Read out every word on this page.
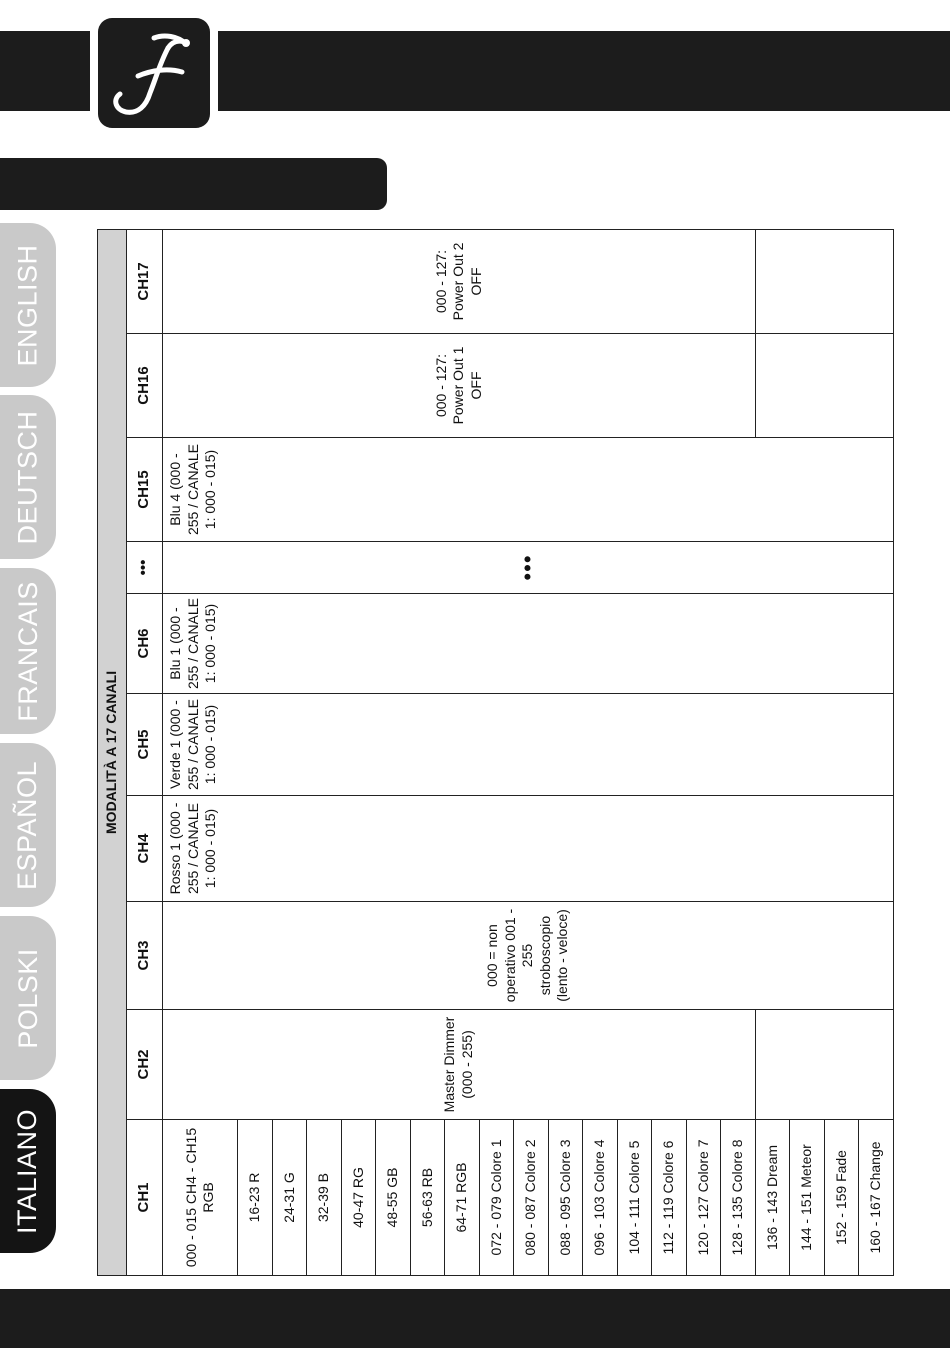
ITALIANO
POLSKI
ESPAÑOL
FRANCAIS
DEUTSCH
ENGLISH
MODALITÀ A 17 CANALI									
CH1	CH2	CH3	CH4	CH5	CH6	•••	CH15	CH16	CH17
000 - 015 CH4 - CH15 RGB	Master Dimmer (000 - 255)	000 = non operativo 001 - 255 stroboscopio (lento - veloce)	Rosso 1 (000 - 255 / CANALE 1: 000 - 015)	Verde 1 (000 - 255 / CANALE 1: 000 - 015)	Blu 1 (000 - 255 / CANALE 1: 000 - 015)	•••	Blu 4 (000 - 255 / CANALE 1: 000 - 015)	000 - 127: Power Out 1 OFF	000 - 127: Power Out 2 OFF
16-23 R									
24-31 G									
32-39 B									
40-47 RG									
48-55 GB									
56-63 RB									
64-71 RGB									
072 - 079 Colore 1									
080 - 087 Colore 2									
088 - 095 Colore 3									
096 - 103 Colore 4									
104 - 111 Colore 5									
112 - 119 Colore 6									
120 - 127 Colore 7									
128 - 135 Colore 8									
136 - 143 Dream									
144 - 151 Meteor									
152 - 159 Fade									
160 - 167 Change									
